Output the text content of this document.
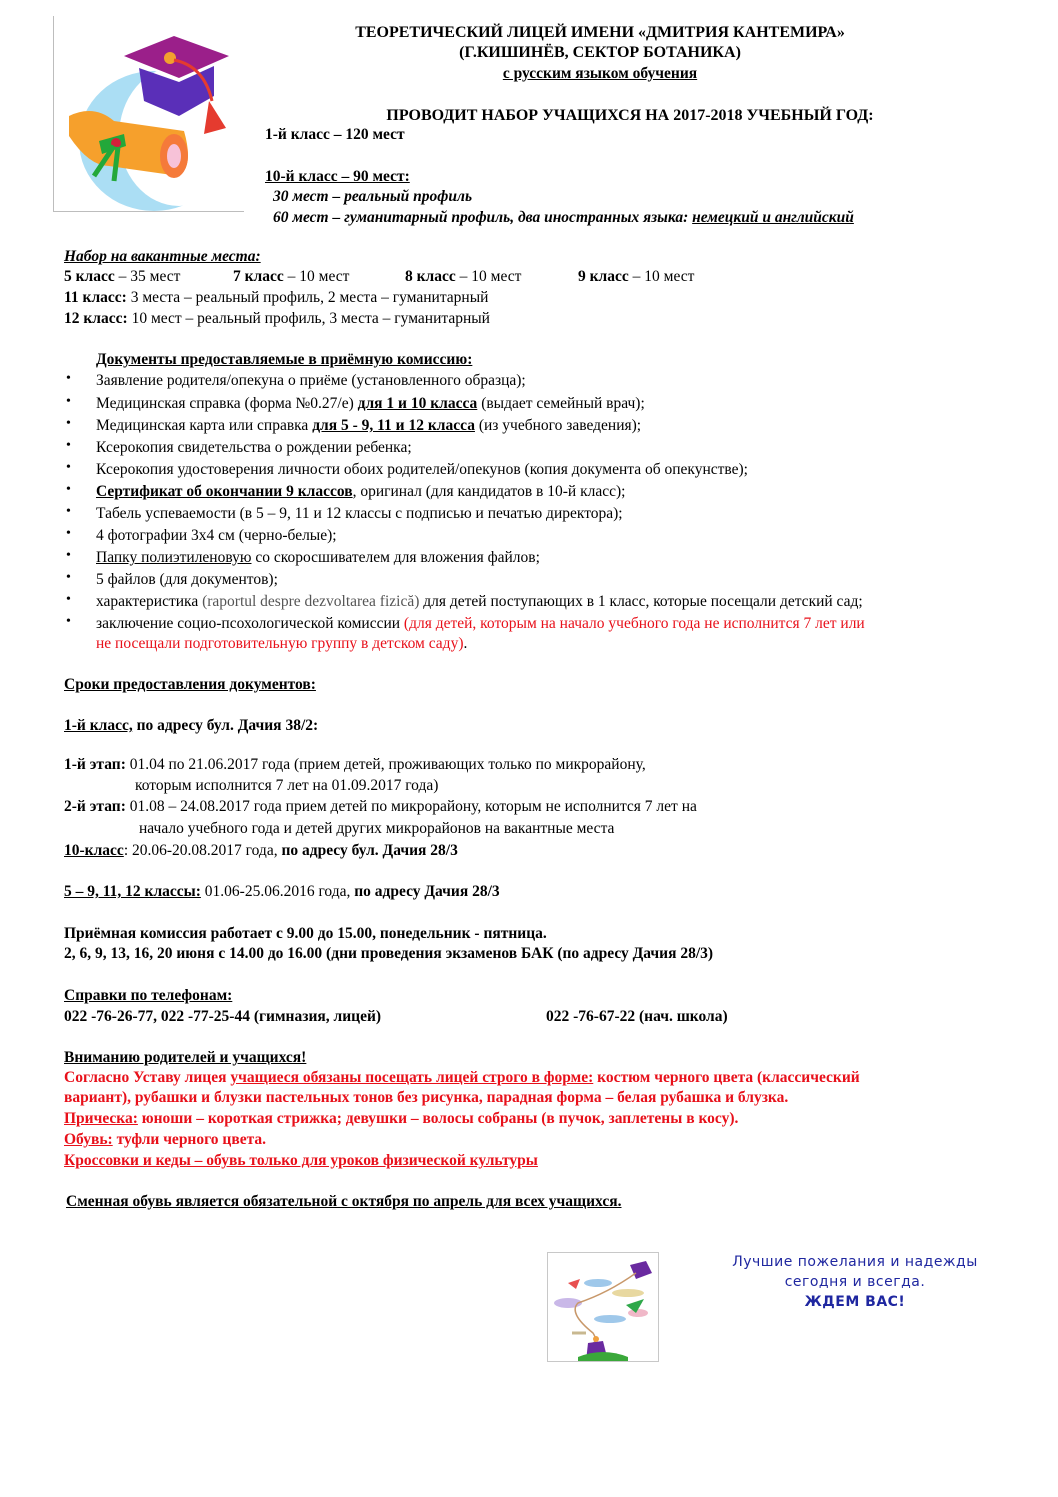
ТЕОРЕТИЧЕСКИЙ ЛИЦЕЙ ИМЕНИ «ДМИТРИЯ КАНТЕМИРА»
(Г.КИШИНЁВ, СЕКТОР БОТАНИКА)
с русским языком обучения
ПРОВОДИТ НАБОР УЧАЩИХСЯ НА 2017-2018 УЧЕБНЫЙ ГОД:
1-й класс – 120 мест
10-й класс – 90 мест:
30 мест – реальный профиль
60 мест – гуманитарный профиль, два иностранных языка: немецкий и английский
Набор на вакантные места:
5 класс – 35 мест	7 класс – 10 мест	8 класс – 10 мест	9 класс – 10 мест
11 класс: 3 места – реальный профиль, 2 места – гуманитарный
12 класс: 10 мест – реальный профиль, 3 места – гуманитарный
Документы предоставляемые в приёмную комиссию:
• Заявление родителя/опекуна о приёме (установленного образца);
• Медицинская справка (форма №0.27/е) для 1 и 10 класса (выдает семейный врач);
• Медицинская карта или справка для 5 - 9, 11 и 12 класса (из учебного заведения);
• Ксерокопия свидетельства о рождении ребенка;
• Ксерокопия удостоверения личности обоих родителей/опекунов (копия документа об опекунстве);
• Сертификат об окончании 9 классов, оригинал (для кандидатов в 10-й класс);
• Табель успеваемости (в 5 – 9, 11 и 12 классы с подписью и печатью директора);
• 4 фотографии 3х4 см (черно-белые);
• Папку полиэтиленовую со скоросшивателем для вложения файлов;
• 5 файлов (для документов);
• характеристика (raportul despre dezvoltarea fizică) для детей поступающих в 1 класс, которые посещали детский сад;
• заключение социо-псохологической комиссии (для детей, которым на начало учебного года не исполнится 7 лет или
не посещали подготовительную группу в детском саду).
Сроки предоставления документов:
1-й класс, по адресу бул. Дачия 38/2:
1-й этап: 01.04 по 21.06.2017 года (прием детей, проживающих только по микрорайону,
которым исполнится 7 лет на 01.09.2017 года)
2-й этап: 01.08 – 24.08.2017 года прием детей по микрорайону, которым не исполнится 7 лет на
начало учебного года и детей других микрорайонов на вакантные места
10-класс: 20.06-20.08.2017 года, по адресу бул. Дачия 28/3
5 – 9, 11, 12 классы: 01.06-25.06.2016 года, по адресу Дачия 28/3
Приёмная комиссия работает с 9.00 до 15.00, понедельник - пятница.
2, 6, 9, 13, 16, 20 июня с 14.00 до 16.00 (дни проведения экзаменов БАК (по адресу Дачия 28/3)
Справки по телефонам:
022 -76-26-77, 022 -77-25-44 (гимназия, лицей)	022 -76-67-22 (нач. школа)
Вниманию родителей и учащихся!
Согласно Уставу лицея учащиеся обязаны посещать лицей строго в форме: костюм черного цвета (классический
вариант), рубашки и блузки пастельных тонов без рисунка, парадная форма – белая рубашка и блузка.
Прическа: юноши – короткая стрижка; девушки – волосы собраны (в пучок, заплетены в косу).
Обувь: туфли черного цвета.
Кроссовки и кеды – обувь только для уроков физической культуры
Сменная обувь является обязательной с октября по апрель для всех учащихся.
Лучшие пожелания и надежды
сегодня и всегда.
ЖДЕМ ВАС!
